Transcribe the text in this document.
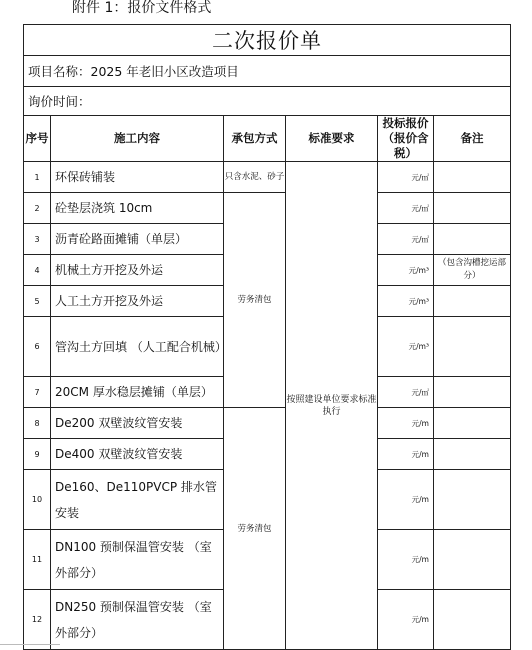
附件 1：报价文件格式
二次报价单					
项目名称：2025 年老旧小区改造项目					
询价时间：					
序号	施工内容	承包方式	标准要求	投标报价（报价含税）	备注
1	环保砖铺装	只含水泥、砂子	按照建设单位要求标准执行	元/㎡	
2	砼垫层浇筑 10cm	劳务清包		元/㎡	
3	沥青砼路面摊铺（单层）			元/㎡	
4	机械土方开挖及外运			元/m³	（包含沟槽挖运部分）
5	人工土方开挖及外运			元/m³	
6	管沟土方回填 （人工配合机械）			元/m³	
7	20CM 厚水稳层摊铺（单层）			元/㎡	
8	De200 双壁波纹管安装	劳务清包		元/m	
9	De400 双壁波纹管安装			元/m	
10	De160、De110PVCP 排水管安装			元/m	
11	DN100 预制保温管安装 （室外部分）			元/m	
12	DN250 预制保温管安装 （室外部分）			元/m	
